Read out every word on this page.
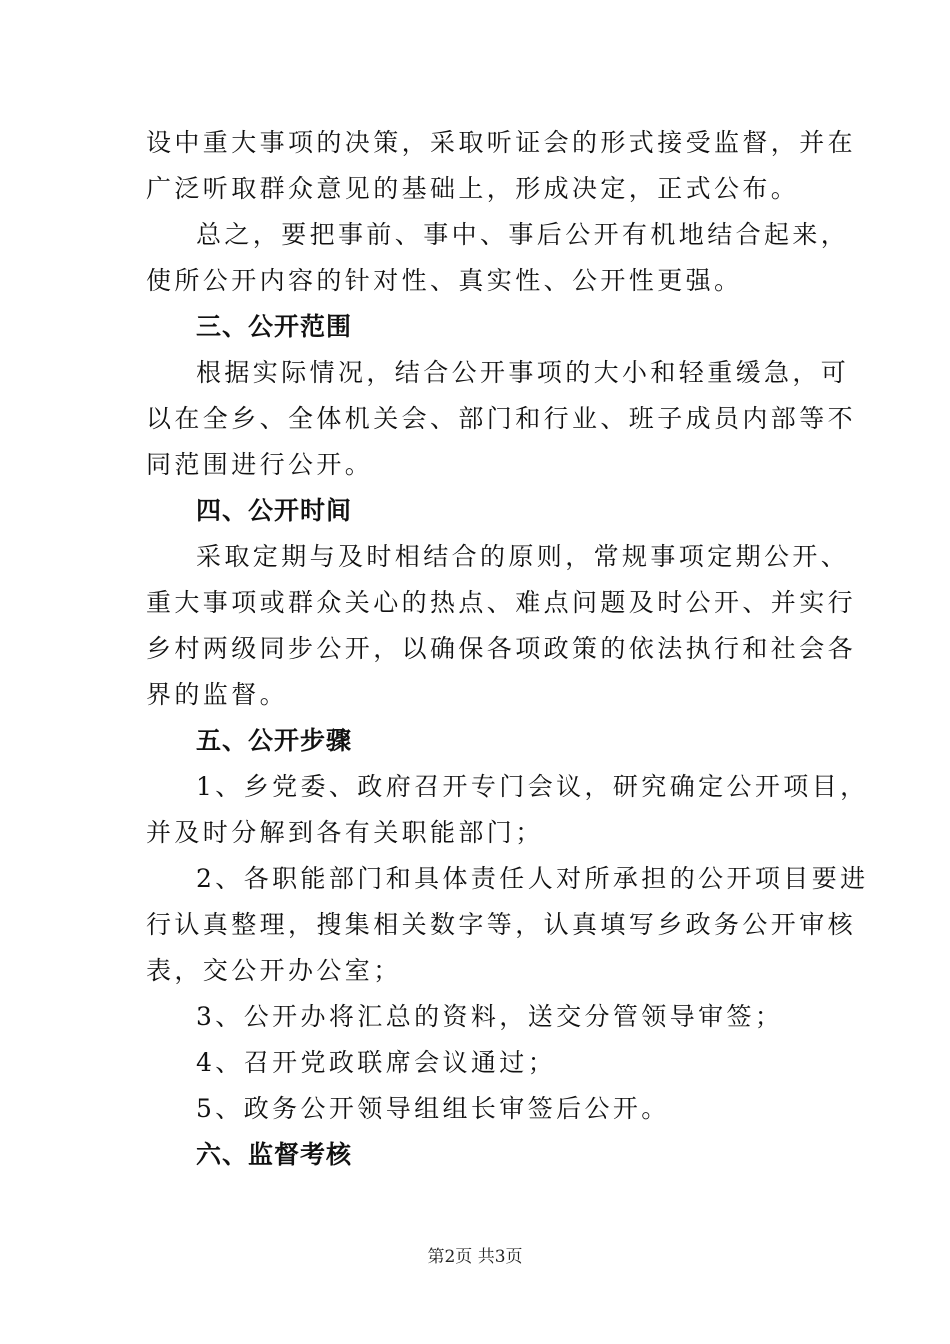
设中重大事项的决策，采取听证会的形式接受监督，并在
广泛听取群众意见的基础上，形成决定，正式公布。
总之，要把事前、事中、事后公开有机地结合起来，
使所公开内容的针对性、真实性、公开性更强。
三、公开范围
根据实际情况，结合公开事项的大小和轻重缓急，可
以在全乡、全体机关会、部门和行业、班子成员内部等不
同范围进行公开。
四、公开时间
采取定期与及时相结合的原则，常规事项定期公开、
重大事项或群众关心的热点、难点问题及时公开、并实行
乡村两级同步公开，以确保各项政策的依法执行和社会各
界的监督。
五、公开步骤
1、乡党委、政府召开专门会议，研究确定公开项目，
并及时分解到各有关职能部门；
2、各职能部门和具体责任人对所承担的公开项目要进
行认真整理，搜集相关数字等，认真填写乡政务公开审核
表，交公开办公室；
3、公开办将汇总的资料，送交分管领导审签；
4、召开党政联席会议通过；
5、政务公开领导组组长审签后公开。
六、监督考核
第2页 共3页
